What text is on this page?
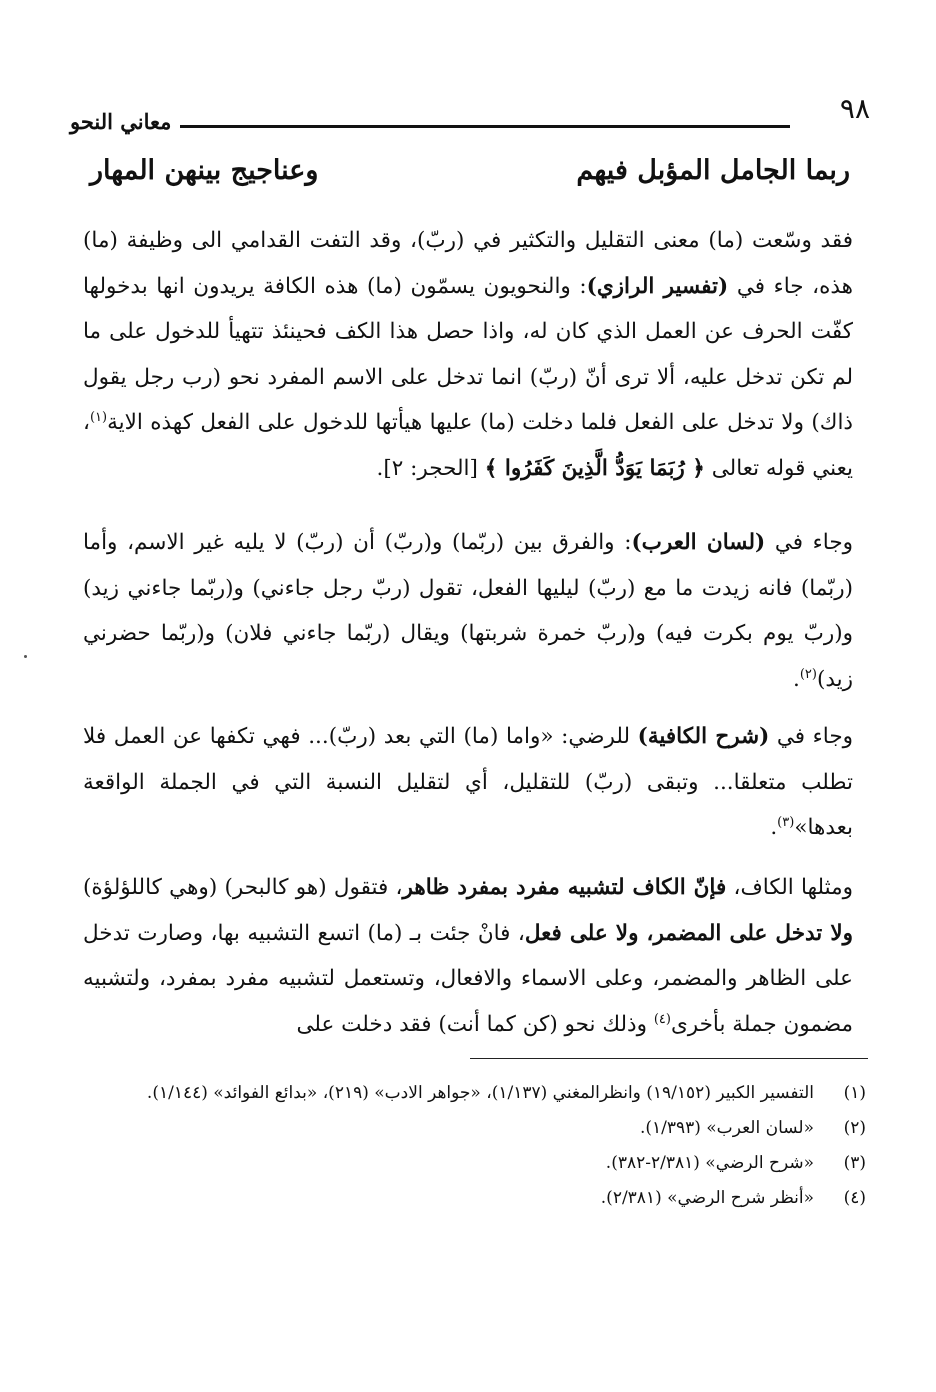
٩٨
معاني النحو
ربما الجامل المؤبل فيهم
وعناجيج بينهن المهار

فقد وسّعت (ما) معنى التقليل والتكثير في (ربّ)، وقد التفت القدامي الى وظيفة (ما) هذه، جاء في (تفسير الرازي): والنحويون يسمّون (ما) هذه الكافة يريدون انها بدخولها كفّت الحرف عن العمل الذي كان له، واذا حصل هذا الكف فحينئذ تتهيأ للدخول على ما لم تكن تدخل عليه، ألا ترى أنّ (ربّ) انما تدخل على الاسم المفرد نحو (رب رجل يقول ذاك) ولا تدخل على الفعل فلما دخلت (ما) عليها هيأتها للدخول على الفعل كهذه الاية$^{(١)}$، يعني قوله تعالى ﴿ رُبَمَا يَوَدُّ الَّذِينَ كَفَرُوا ﴾ [الحجر: ٢].

وجاء في (لسان العرب): والفرق بين (ربّما) و(ربّ) أن (ربّ) لا يليه غير الاسم، وأما (ربّما) فانه زيدت ما مع (ربّ) ليليها الفعل، تقول (ربّ رجل جاءني) و(ربّما جاءني زيد) و(ربّ يوم بكرت فيه) و(ربّ خمرة شربتها) ويقال (ربّما جاءني فلان) و(ربّما حضرني زيد)$^{(٢)}$.

وجاء في (شرح الكافية) للرضي: «واما (ما) التي بعد (ربّ)... فهي تكفها عن العمل فلا تطلب متعلقا... وتبقى (ربّ) للتقليل، أي لتقليل النسبة التي في الجملة الواقعة بعدها»$^{(٣)}$.

ومثلها الكاف، فإنّ الكاف لتشبيه مفرد بمفرد ظاهر، فتقول (هو كالبحر) (وهي كاللؤلؤة) ولا تدخل على المضمر، ولا على فعل، فانْ جئت بـ (ما) اتسع التشبيه بها، وصارت تدخل على الظاهر والمضمر، وعلى الاسماء والافعال، وتستعمل لتشبيه مفرد بمفرد، ولتشبيه مضمون جملة بأخرى$^{(٤)}$ وذلك نحو (كن كما أنت) فقد دخلت على

(١)
التفسير الكبير (١٩/١٥٢) وانظرالمغني (١/١٣٧)، «جواهر الادب» (٢١٩)، «بدائع الفوائد» (١/١٤٤).
(٢)
«لسان العرب» (١/٣٩٣).
(٣)
«شرح الرضي» (٢/٣٨١-٣٨٢).
(٤)
«أنظر شرح الرضي» (٢/٣٨١).
